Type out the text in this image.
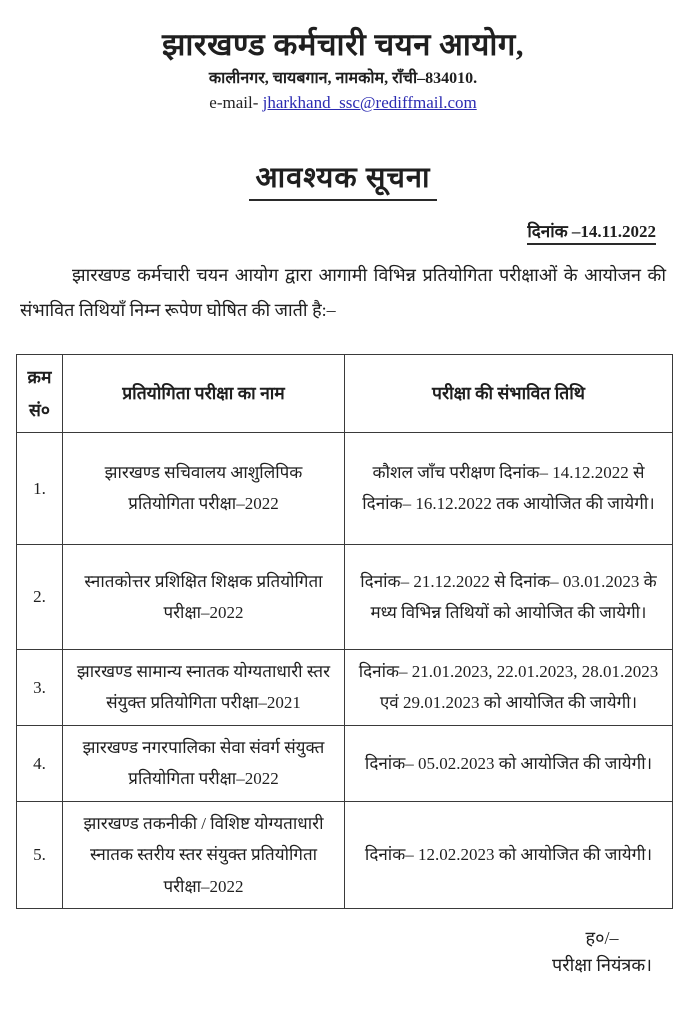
झारखण्ड कर्मचारी चयन आयोग,
कालीनगर, चायबगान, नामकोम, राँची–834010.
e-mail- jharkhand_ssc@rediffmail.com
आवश्यक सूचना
दिनांक –14.11.2022
झारखण्ड कर्मचारी चयन आयोग द्वारा आगामी विभिन्न प्रतियोगिता परीक्षाओं के आयोजन की संभावित तिथियाँ निम्न रूपेण घोषित की जाती है:–
क्रम सं०	प्रतियोगिता परीक्षा का नाम	परीक्षा की संभावित तिथि
1.	झारखण्ड सचिवालय आशुलिपिक प्रतियोगिता परीक्षा–2022	कौशल जाँच परीक्षण दिनांक– 14.12.2022 से दिनांक– 16.12.2022 तक आयोजित की जायेगी।
2.	स्नातकोत्तर प्रशिक्षित शिक्षक प्रतियोगिता परीक्षा–2022	दिनांक– 21.12.2022 से दिनांक– 03.01.2023 के मध्य विभिन्न तिथियों को आयोजित की जायेगी।
3.	झारखण्ड सामान्य स्नातक योग्यताधारी स्तर संयुक्त प्रतियोगिता परीक्षा–2021	दिनांक– 21.01.2023, 22.01.2023, 28.01.2023 एवं 29.01.2023 को आयोजित की जायेगी।
4.	झारखण्ड नगरपालिका सेवा संवर्ग संयुक्त प्रतियोगिता परीक्षा–2022	दिनांक– 05.02.2023 को आयोजित की जायेगी।
5.	झारखण्ड तकनीकी / विशिष्ट योग्यताधारी स्नातक स्तरीय स्तर संयुक्त प्रतियोगिता परीक्षा–2022	दिनांक– 12.02.2023 को आयोजित की जायेगी।
ह०/–
परीक्षा नियंत्रक।
